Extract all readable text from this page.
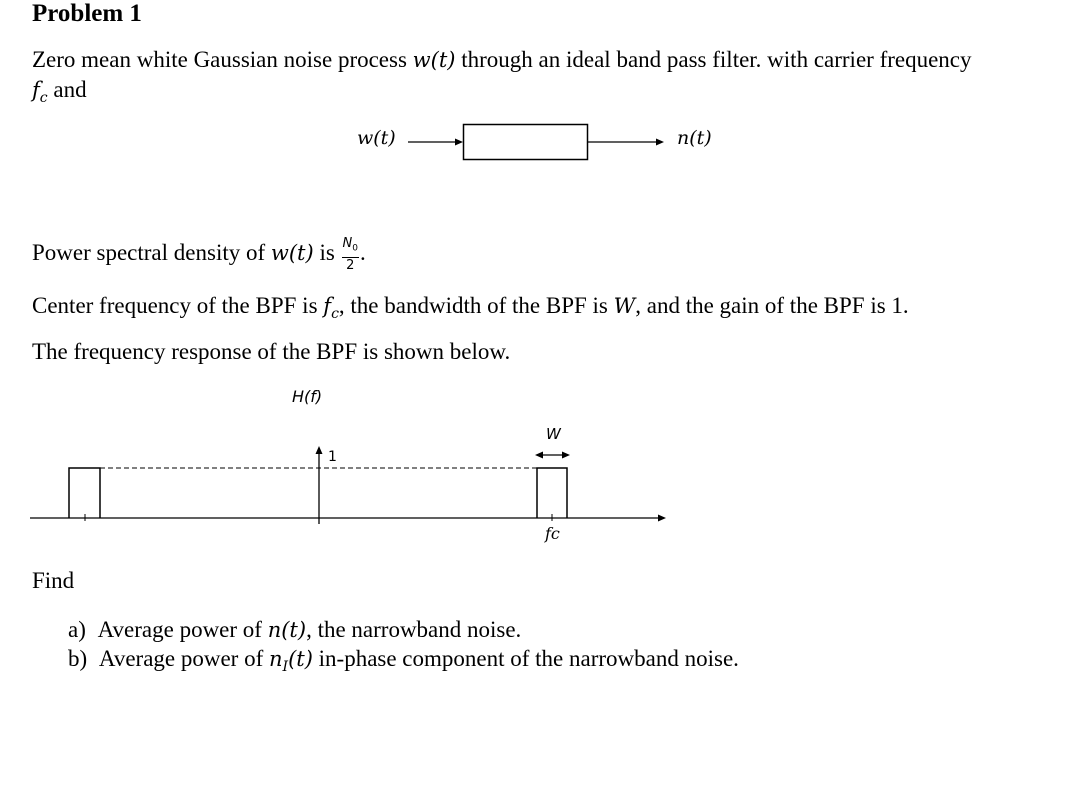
Problem 1
Zero mean white Gaussian noise process w(t) through an ideal band pass filter. with carrier frequency
$f_c$ and
w(t)	n(t)
Power spectral density of w(t) is $\frac{N_0}{2}$ .
Center frequency of the BPF is $f_c$, the bandwidth of the BPF is W, and the gain of the BPF is 1.
The frequency response of the BPF is shown below.
H(f)
1
W
fc
Find
a) Average power of n(t), the narrowband noise.
b) Average power of $n_I(t)$ in-phase component of the narrowband noise.
